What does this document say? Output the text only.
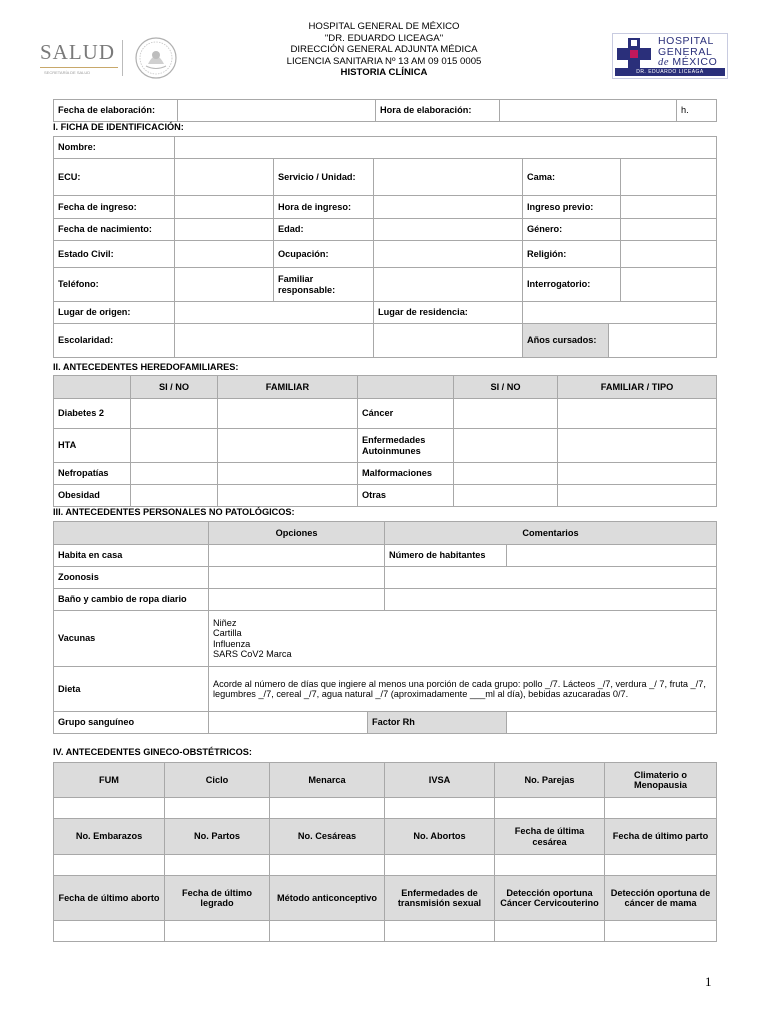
SALUD
SECRETARÍA DE SALUD
HOSPITAL GENERAL DE MÉXICO
"DR. EDUARDO LICEAGA"
DIRECCIÓN GENERAL ADJUNTA MÉDICA
LICENCIA SANITARIA Nº 13 AM 09 015 0005
HISTORIA CLÍNICA
HOSPITAL
GENERAL
de MÉXICO
DR. EDUARDO LICEAGA
Fecha de elaboración:		Hora de elaboración:		h.
I. FICHA DE IDENTIFICACIÓN:
Nombre:						
ECU:		Servicio / Unidad:		Cama:		
Fecha de ingreso:		Hora de ingreso:		Ingreso previo:		
Fecha de nacimiento:		Edad:		Género:		
Estado Civil:		Ocupación:		Religión:		
Teléfono:		Familiar responsable:		Interrogatorio:		
Lugar de origen:			Lugar de residencia:			
Escolaridad:				Años cursados:		
II. ANTECEDENTES HEREDOFAMILIARES:
	SI / NO	FAMILIAR		SI / NO	FAMILIAR / TIPO
Diabetes 2			Cáncer		
HTA			Enfermedades Autoinmunes		
Nefropatías			Malformaciones		
Obesidad			Otras		
III. ANTECEDENTES PERSONALES NO PATOLÓGICOS:
	Opciones		Comentarios	
Habita en casa			Número de habitantes	
Zoonosis				
Baño y cambio de ropa diario				
Vacunas	Niñez
Cartilla
Influenza
SARS CoV2 Marca			

Dieta	Acorde al número de días que ingiere al menos una porción de cada grupo: pollo _/7. Lácteos _/7, verdura _/ 7, fruta _/7, legumbres _/7, cereal _/7, agua natural _/7 (aproximadamente ___ml al día), bebidas azucaradas 0/7.			
Grupo sanguíneo		Factor Rh		
IV. ANTECEDENTES GINECO-OBSTÉTRICOS:
FUM	Ciclo	Menarca	IVSA	No. Parejas	Climaterio o Menopausia

No. Embarazos	No. Partos	No. Cesáreas	No. Abortos	Fecha de última cesárea	Fecha de último parto

Fecha de último aborto	Fecha de último legrado	Método anticonceptivo	Enfermedades de transmisión sexual	Detección oportuna Cáncer Cervicouterino	Detección oportuna de cáncer de mama

1
